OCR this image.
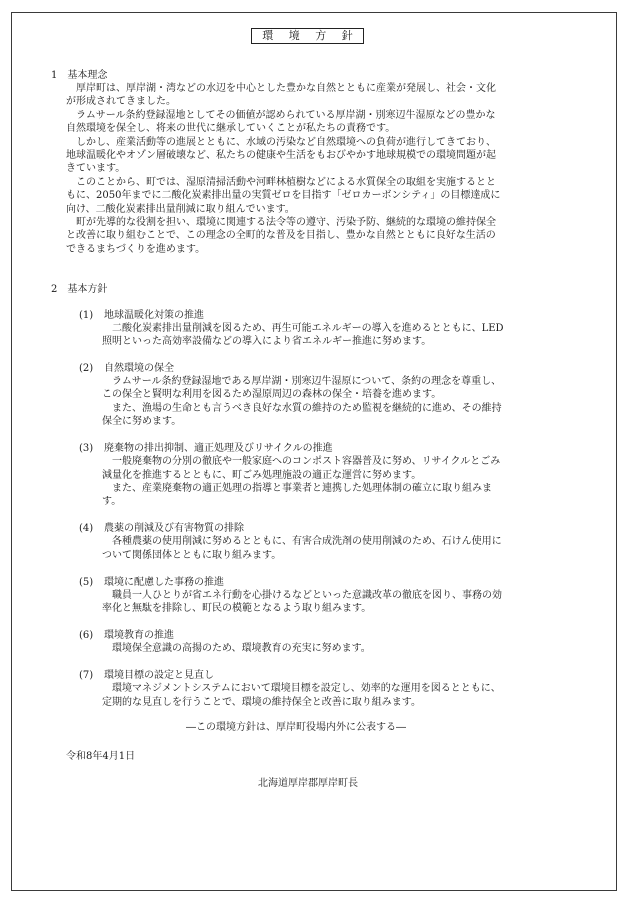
環 境 方 針
1　基本理念
　厚岸町は、厚岸湖・湾などの水辺を中心とした豊かな自然とともに産業が発展し、社会・文化
が形成されてきました。
　ラムサール条約登録湿地としてその価値が認められている厚岸湖・別寒辺牛湿原などの豊かな
自然環境を保全し、将来の世代に継承していくことが私たちの責務です。
　しかし、産業活動等の進展とともに、水域の汚染など自然環境への負荷が進行してきており、
地球温暖化やオゾン層破壊など、私たちの健康や生活をもおびやかす地球規模での環境問題が起
きています。
　このことから、町では、湿原清掃活動や河畔林植樹などによる水質保全の取組を実施するとと
もに、2050年までに二酸化炭素排出量の実質ゼロを目指す「ゼロカーボンシティ」の目標達成に
向け、二酸化炭素排出量削減に取り組んでいます。
　町が先導的な役割を担い、環境に関連する法令等の遵守、汚染予防、継続的な環境の維持保全
と改善に取り組むことで、この理念の全町的な普及を目指し、豊かな自然とともに良好な生活の
できるまちづくりを進めます。
2　基本方針
(1) 地球温暖化対策の推進
　二酸化炭素排出量削減を図るため、再生可能エネルギーの導入を進めるとともに、LED
照明といった高効率設備などの導入により省エネルギー推進に努めます。
(2) 自然環境の保全
　ラムサール条約登録湿地である厚岸湖・別寒辺牛湿原について、条約の理念を尊重し、
この保全と賢明な利用を図るため湿原周辺の森林の保全・培養を進めます。
　また、漁場の生命とも言うべき良好な水質の維持のため監視を継続的に進め、その維持
保全に努めます。
(3) 廃棄物の排出抑制、適正処理及びリサイクルの推進
　一般廃棄物の分別の徹底や一般家庭へのコンポスト容器普及に努め、リサイクルとごみ
減量化を推進するとともに、町ごみ処理施設の適正な運営に努めます。
　また、産業廃棄物の適正処理の指導と事業者と連携した処理体制の確立に取り組みま
す。
(4) 農薬の削減及び有害物質の排除
　各種農薬の使用削減に努めるとともに、有害合成洗剤の使用削減のため、石けん使用に
ついて関係団体とともに取り組みます。
(5) 環境に配慮した事務の推進
　職員一人ひとりが省エネ行動を心掛けるなどといった意識改革の徹底を図り、事務の効
率化と無駄を排除し、町民の模範となるよう取り組みます。
(6) 環境教育の推進
　環境保全意識の高揚のため、環境教育の充実に努めます。
(7) 環境目標の設定と見直し
　環境マネジメントシステムにおいて環境目標を設定し、効率的な運用を図るとともに、
定期的な見直しを行うことで、環境の維持保全と改善に取り組みます。
―この環境方針は、厚岸町役場内外に公表する―
令和8年4月1日
北海道厚岸郡厚岸町長
